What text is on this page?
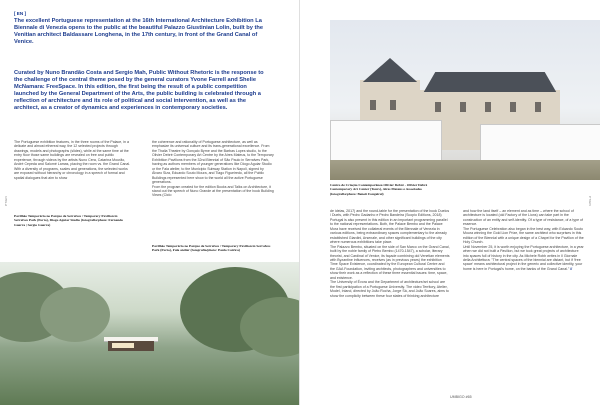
[ EN ]

The excellent Portuguese representation at the 16th International Architecture Exhibition La Biennale di Venezia opens to the public at the beautiful Palazzo Giustinian Lolin, built by the Venitian architect Baldassare Longhena, in the 17th century, in front of the Grand Canal of Venice.

Curated by Nuno Brandão Costa and Sergio Mah, Public Without Rhetoric is the response to the challenge of the central theme posed by the general curators Yvone Farrell and Shelie McNamara: FreeSpace. In this edition, the first being the result of a public competition launched by the General Department of the Arts, the public building is celebrated through a reflection of architecture and its role of political and social intervention, as well as the architect, as a creator of dynamics and experiences in contemporary societies.

The Portuguese exhibition features, in the three rooms of the Palace, in a delicate and almost ethereal way, the 12 selected projects through drawings, models and photographs (slides), while at the same time at the entry floor those same buildings are revealed on free and public experience, through videos by the artists Nuno Cera, Catarina Mourão, André Cepeda and Salomé Lamas, placing the room vs. the Grand Canal.
With a diversity of programs, scales and generations, the selected works are exposed without hierarchy or chronology in a speech of formal and spatial dialogues that aim to show

the coherence and rationality of Portuguese architecture, as well as emphasize its universal culture and its trans-generational excellence. From the Thalia Theatre by Gonçalo Byrne and the Barbas Lopes studio, to the Olivier Debré Contemporary Art Centre by the Aires Mateus, to the Temporary Exhibition Pavilions from the 32nd Biennial of São Paulo in Serralves Park, having as authors members of younger generations like Diogo Aguiar Studio or the Fala atelier, to the Municipio Subway Station in Napoli, signed by Álvaro Siza, Eduardo Souto Moura, and Tiago Figueiredo, all the Public Buildings represented here show to the world all the active Portuguese generations.
From the program created for the edition Books and Talks on Architecture, it stand out the speech of Nuno Grande at the presentation of the book Building Views (Ciclo

Pavilhão Temporário no Parque de Serralves / Temporary Pavilion in Serralves Park (Porto), Diogo Aguiar Studio (fotografia/photo: Fernando Guerra | Sergio Guerra)
Pavilhão Temporário no Parque de Serralves / Temporary Pavilion in Serralves Park (Porto), Fala atelier (fotografia/photo: Paulo Catrica)
Centro de Criação Contemporânea Olivier Debré - Olivier Debré Contemporary Art Center (Tours), Aires Mateus e Associados (fotografia/photo: Benoit Fougeirol)

de ideias, 2017) and the round-table for the presentation of the book Duelos / Duels, with Pedro Gadanho e Pedro Bandeira (Scopio Editions, 2018)
Portugal is also present in this edition in an important programming parallel to the national representations. Both, the Palace Bembo and the Palace Mora have received the collateral events of the Biennale of Venezia in various editions, being extraordinary spaces complementary to the already established Giardini, Arsenale, and other significant buildings of the city where numerous exhibitions take place.
The Palazzo Bembo, situated on the side of San Marco on the Grand Canal, built by the noble family of Pietro Bembo (1470-1547), a scholar, literary theorist, and Cardinal of Venice, its façade combining old Venetian elements with Byzantine influences, receives (as in previous years) the exhibition Time Space Existence, coordinated by the European Cultural Centre and the GAA Foundation, inviting architects, photographers and universities to show their work as a reflection of these three essential issues: time, space, and existence.
The University of Évora and the Department of architecture/art school are the first participation of a Portuguese University. The video Territory, Atelier, Model, Inland, directed by João Rocha, Jorge Sá, and João Soares, aims to show the complicity between these four states of thinking architecture

and how the land itself – an element and as time – where the school of architecture is located (old Factory of the Lions) can take part in the construction of an entity and self-identity. Of a type of resistance, of a type of essence.
The Portuguese Celebration also began in the best way, with Eduardo Souto Moura winning the Gold Lion Prize, the same architect who surprises in this edition of the Biennial with a unique design of a Chapel for the Pavilion of the Holy Church.
Until November 25, it is worth enjoying the Portuguese architecture, in a year when we did not built a Pavilion, but we took great projects of architecture into spaces full of history in the city. As Michele Robb writes in Il Giornale della Architettura: "The central spaces of the biennial are distant, but if 'free space' means architectural project in the generic and collective identity, your home is here in Portugal's home, on the banks of the Grand Canal." //

UMBIGO #65
PT/EN	PT/EN
